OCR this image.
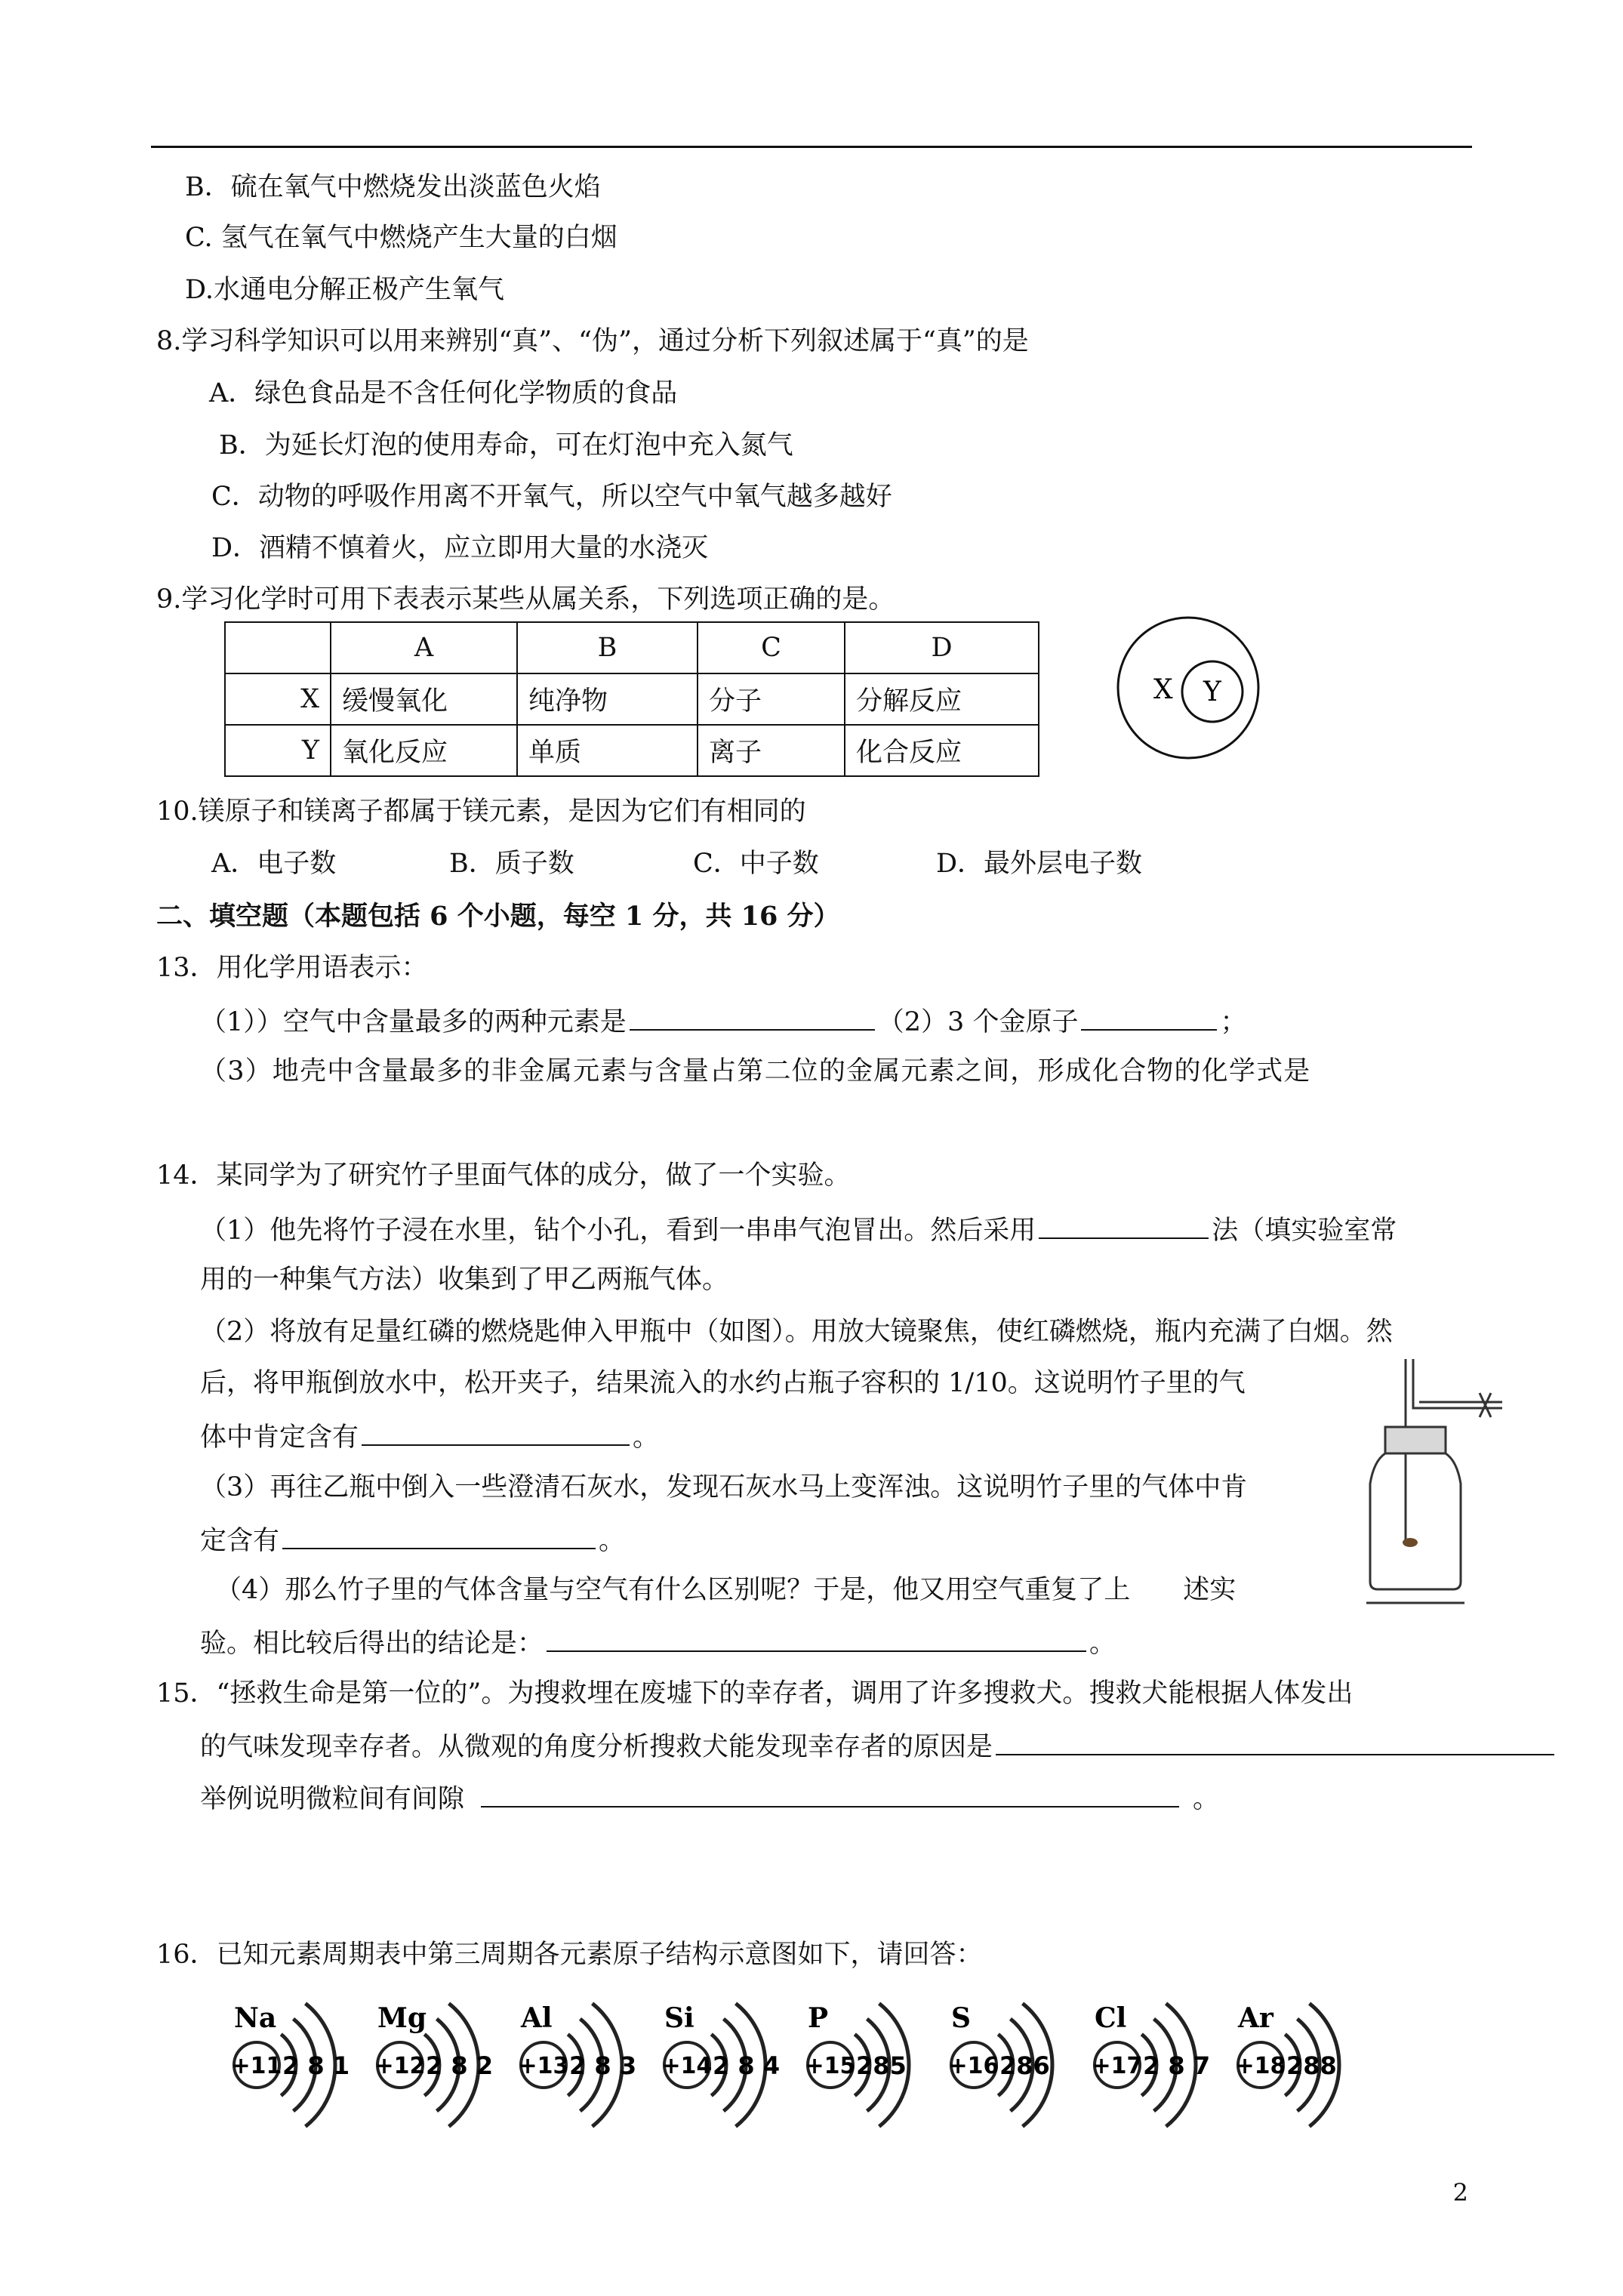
B．硫在氧气中燃烧发出淡蓝色火焰
C. 氢气在氧气中燃烧产生大量的白烟
D.水通电分解正极产生氧气
8.学习科学知识可以用来辨别“真”、“伪”，通过分析下列叙述属于“真”的是
A．绿色食品是不含任何化学物质的食品
B．为延长灯泡的使用寿命，可在灯泡中充入氮气
C．动物的呼吸作用离不开氧气，所以空气中氧气越多越好
D．酒精不慎着火，应立即用大量的水浇灭
9.学习化学时可用下表表示某些从属关系，下列选项正确的是。
	A	B	C	D
X	缓慢氧化	纯净物	分子	分解反应
Y	氧化反应	单质	离子	化合反应
X Y
10.镁原子和镁离子都属于镁元素，是因为它们有相同的
A．电子数	B．质子数	C．中子数	D．最外层电子数
二、填空题（本题包括 6 个小题，每空 1 分，共 16 分）
13．用化学用语表示：
（1））空气中含量最多的两种元素是	（2）3 个金原子	；
（3）地壳中含量最多的非金属元素与含量占第二位的金属元素之间，形成化合物的化学式是
14．某同学为了研究竹子里面气体的成分，做了一个实验。
（1）他先将竹子浸在水里，钻个小孔，看到一串串气泡冒出。然后采用	法（填实验室常
用的一种集气方法）收集到了甲乙两瓶气体。
（2）将放有足量红磷的燃烧匙伸入甲瓶中（如图）。用放大镜聚焦，使红磷燃烧，瓶内充满了白烟。然
后，将甲瓶倒放水中，松开夹子，结果流入的水约占瓶子容积的 1/10。这说明竹子里的气
体中肯定含有	。
（3）再往乙瓶中倒入一些澄清石灰水，发现石灰水马上变浑浊。这说明竹子里的气体中肯
定含有	。
（4）那么竹子里的气体含量与空气有什么区别呢？于是，他又用空气重复了上　　述实
验。相比较后得出的结论是：	。
15．“拯救生命是第一位的”。为搜救埋在废墟下的幸存者，调用了许多搜救犬。搜救犬能根据人体发出
的气味发现幸存者。从微观的角度分析搜救犬能发现幸存者的原因是
举例说明微粒间有间隙	。
16．已知元素周期表中第三周期各元素原子结构示意图如下，请回答：
Na
+11 2 8 1
Mg
+12 2 8 2
Al
+13 2 8 3
Si
+14 2 8 4
P
+15 285
S
+16 286
Cl
+17 2 8 7
Ar
+18 288
2
